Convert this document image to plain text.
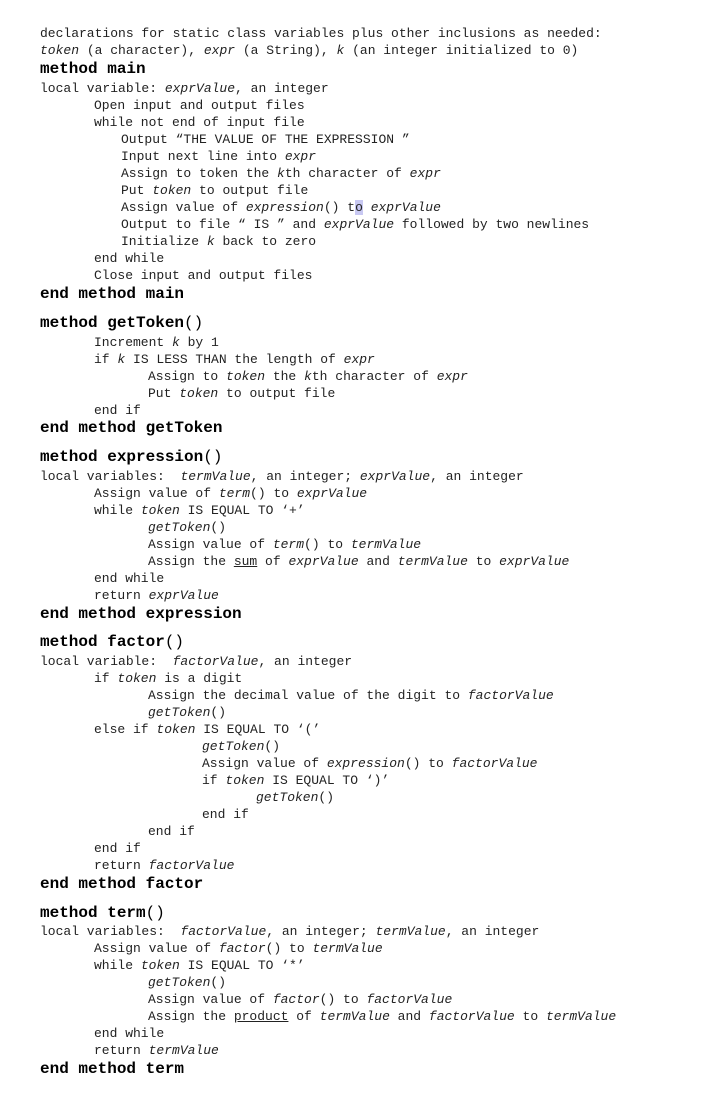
declarations for static class variables plus other inclusions as needed:
token (a character), expr (a String), k (an integer initialized to 0)
method main
local variable: exprValue, an integer
Open input and output files
while not end of input file
Output “THE VALUE OF THE EXPRESSION ”
Input next line into expr
Assign to token the kth character of expr
Put token to output file
Assign value of expression() to exprValue
Output to file “ IS ” and exprValue followed by two newlines
Initialize k back to zero
end while
Close input and output files
end method main
method getToken()
Increment k by 1
if k IS LESS THAN the length of expr
Assign to token the kth character of expr
Put token to output file
end if
end method getToken
method expression()
local variables:  termValue, an integer; exprValue, an integer
Assign value of term() to exprValue
while token IS EQUAL TO ‘+’
getToken()
Assign value of term() to termValue
Assign the sum of exprValue and termValue to exprValue
end while
return exprValue
end method expression
method factor()
local variable:  factorValue, an integer
if token is a digit
Assign the decimal value of the digit to factorValue
getToken()
else if token IS EQUAL TO ‘(’
getToken()
Assign value of expression() to factorValue
if token IS EQUAL TO ‘)’
getToken()
end if
end if
end if
return factorValue
end method factor
method term()
local variables:  factorValue, an integer; termValue, an integer
Assign value of factor() to termValue
while token IS EQUAL TO ‘*’
getToken()
Assign value of factor() to factorValue
Assign the product of termValue and factorValue to termValue
end while
return termValue
end method term
